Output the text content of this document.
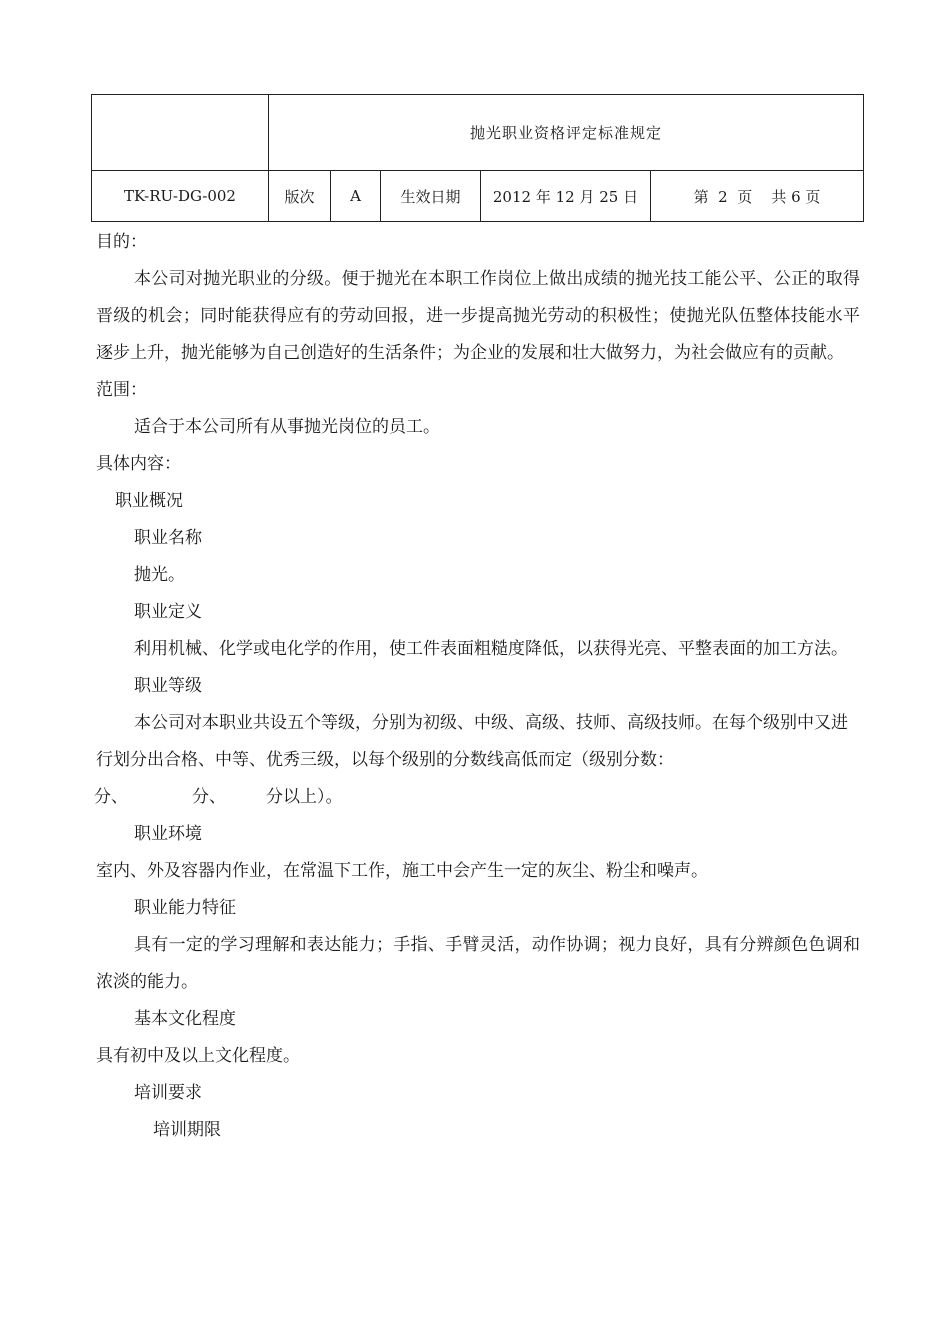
	抛光职业资格评定标准规定				
TK-RU-DG-002	版次	A	生效日期	2012 年 12 月 25 日	第  2  页    共 6 页
目的：

本公司对抛光职业的分级。便于抛光在本职工作岗位上做出成绩的抛光技工能公平、公正的取得晋级的机会；同时能获得应有的劳动回报，进一步提高抛光劳动的积极性；使抛光队伍整体技能水平逐步上升，抛光能够为自己创造好的生活条件；为企业的发展和壮大做努力，为社会做应有的贡献。

范围：
适合于本公司所有从事抛光岗位的员工。
具体内容：
职业概况
职业名称
抛光。
职业定义

利用机械、化学或电化学的作用，使工件表面粗糙度降低，以获得光亮、平整表面的加工方法。

职业等级

本公司对本职业共设五个等级，分别为初级、中级、高级、技师、高级技师。在每个级别中又进行划分出合格、中等、优秀三级，以每个级别的分数线高低而定（级别分数：

分、	分、 分以上）。
职业环境
室内、外及容器内作业，在常温下工作，施工中会产生一定的灰尘、粉尘和噪声。
职业能力特征

具有一定的学习理解和表达能力；手指、手臂灵活，动作协调；视力良好，具有分辨颜色色调和浓淡的能力。

基本文化程度
具有初中及以上文化程度。
培训要求
培训期限
